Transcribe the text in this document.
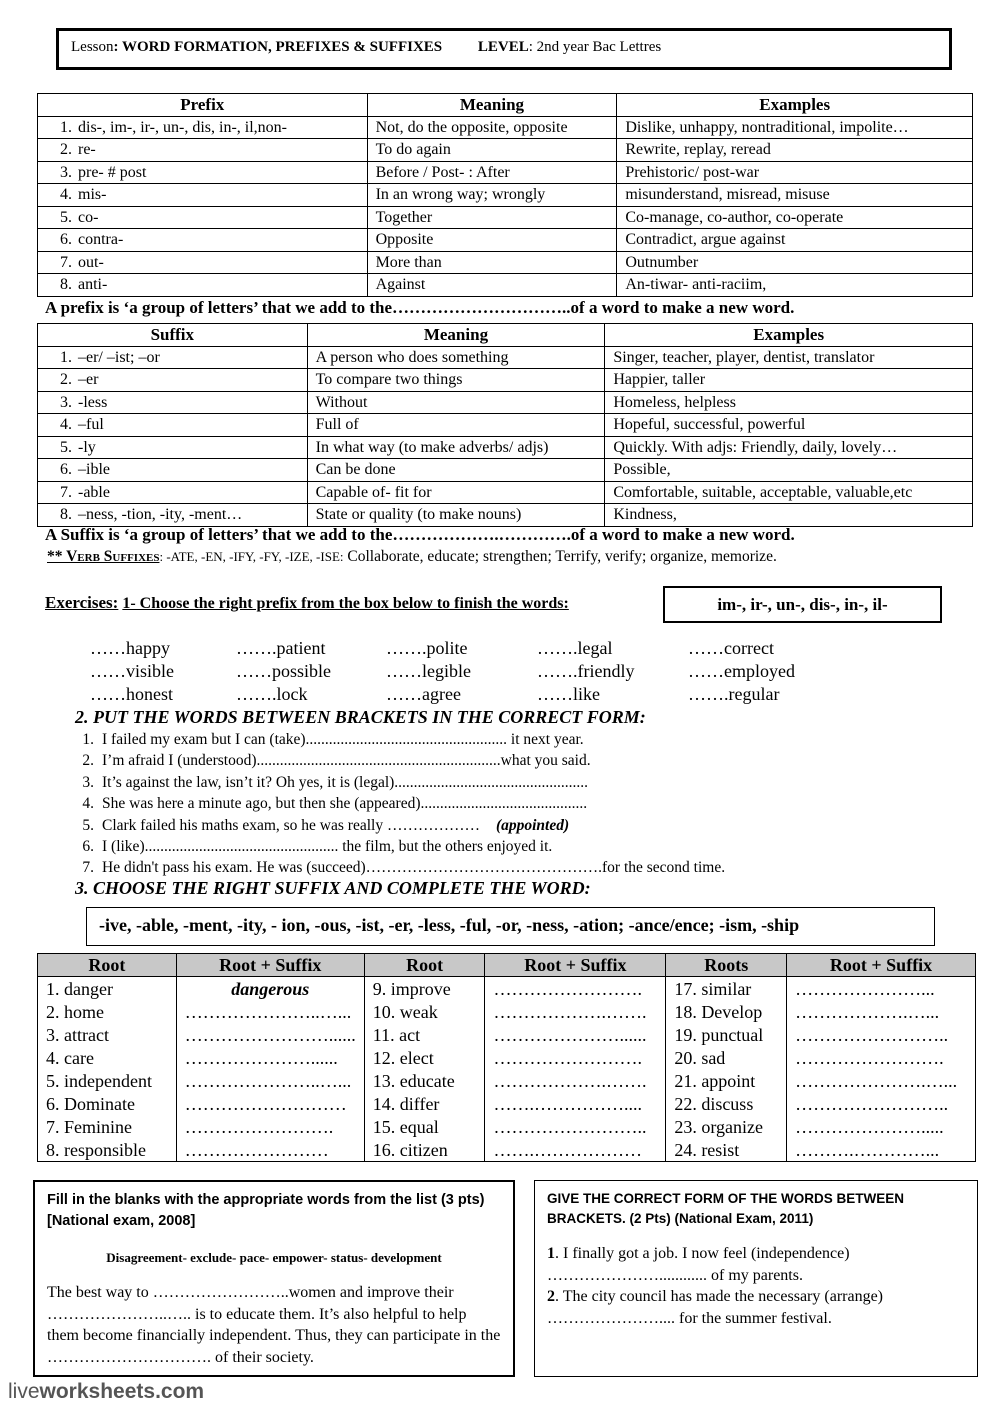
Lesson: WORD FORMATION, PREFIXES & SUFFIXES LEVEL: 2nd year Bac Lettres
Prefix	Meaning	Examples
1. dis-, im-, ir-, un-, dis, in-, il,non-	Not, do the opposite, opposite	Dislike, unhappy, nontraditional, impolite…
2. re-	To do again	Rewrite, replay, reread
3. pre- # post	Before / Post- : After	Prehistoric/ post-war
4. mis-	In an wrong way; wrongly	misunderstand, misread, misuse
5. co-	Together	Co-manage, co-author, co-operate
6. contra-	Opposite	Contradict, argue against
7. out-	More than	Outnumber
8. anti-	Against	An-tiwar- anti-raciim,
A prefix is ‘a group of letters’ that we add to the…………………………..of a word to make a new word.
Suffix	Meaning	Examples
1. –er/ –ist; –or	A person who does something	Singer, teacher, player, dentist, translator
2. –er	To compare two things	Happier, taller
3. -less	Without	Homeless, helpless
4. –ful	Full of	Hopeful, successful, powerful
5. -ly	In what way (to make adverbs/ adjs)	Quickly. With adjs: Friendly, daily, lovely…
6. –ible	Can be done	Possible,
7. -able	Capable of- fit for	Comfortable, suitable, acceptable, valuable,etc
8. –ness, -tion, -ity, -ment…	State or quality (to make nouns)	Kindness,
A Suffix is ‘a group of letters’ that we add to the……………….………….of a word to make a new word.
** Verb Suffixes: -ATE, -EN, -IFY, -FY, -IZE, -ISE: Collaborate, educate; strengthen; Terrify, verify; organize, memorize.
Exercises: 1- Choose the right prefix from the box below to finish the words:	im-, ir-, un-, dis-, in-, il-
……happy	…….patient	…….polite	…….legal	……correct
……visible	……possible	……legible	…….friendly	……employed
……honest	…….lock	……agree	……like	…….regular
2. PUT THE WORDS BETWEEN BRACKETS IN THE CORRECT FORM:
1. I failed my exam but I can (take).................................................... it next year.
2. I’m afraid I (understood)...............................................................what you said.
3. It’s against the law, isn’t it? Oh yes, it is (legal)..................................................
4. She was here a minute ago, but then she (appeared)...........................................
5. Clark failed his maths exam, so he was really ……………… (appointed)
6. I (like).................................................. the film, but the others enjoyed it.
7. He didn't pass his exam. He was (succeed)……………………………………….for the second time.
3. CHOOSE THE RIGHT SUFFIX AND COMPLETE THE WORD:
-ive, -able, -ment, -ity, - ion, -ous, -ist, -er, -less, -ful, -or, -ness, -ation; -ance/ence; -ism, -ship
Root	Root + Suffix	Root	Root + Suffix	Roots	Root + Suffix
1. danger	dangerous	9. improve	…………………….	17. similar	…………………...
2. home	…………………..…...	10. weak	……………….…….	18. Develop	……………….…...
3. attract	……………………......	11. act	…………………......	19. punctual	……………………..
4. care	…………………......	12. elect	…………………….	20. sad	…………………….
5. independent	…………………..…...	13. educate	……………….…….	21. appoint	………………….…...
6. Dominate	………………………	14. differ	…….……………....	22. discuss	……………………..
7. Feminine	…………………….	15. equal	……………………..	23. organize	………………….....
8. responsible	……………………	16. citizen	…….………………	24. resist	……….…………...
Fill in the blanks with the appropriate words from the list (3 pts) [National exam, 2008]
Disagreement- exclude- pace- empower- status- development
The best way to ……………………..women and improve their …………………..….. is to educate them. It’s also helpful to help them become financially independent. Thus, they can participate in the …………………………. of their society.
GIVE THE CORRECT FORM OF THE WORDS BETWEEN BRACKETS. (2 Pts) (National Exam, 2011)
1. I finally got a job. I now feel (independence) …………………............ of my parents.
2. The city council has made the necessary (arrange) ………………….... for the summer festival.
liveworksheets.com
